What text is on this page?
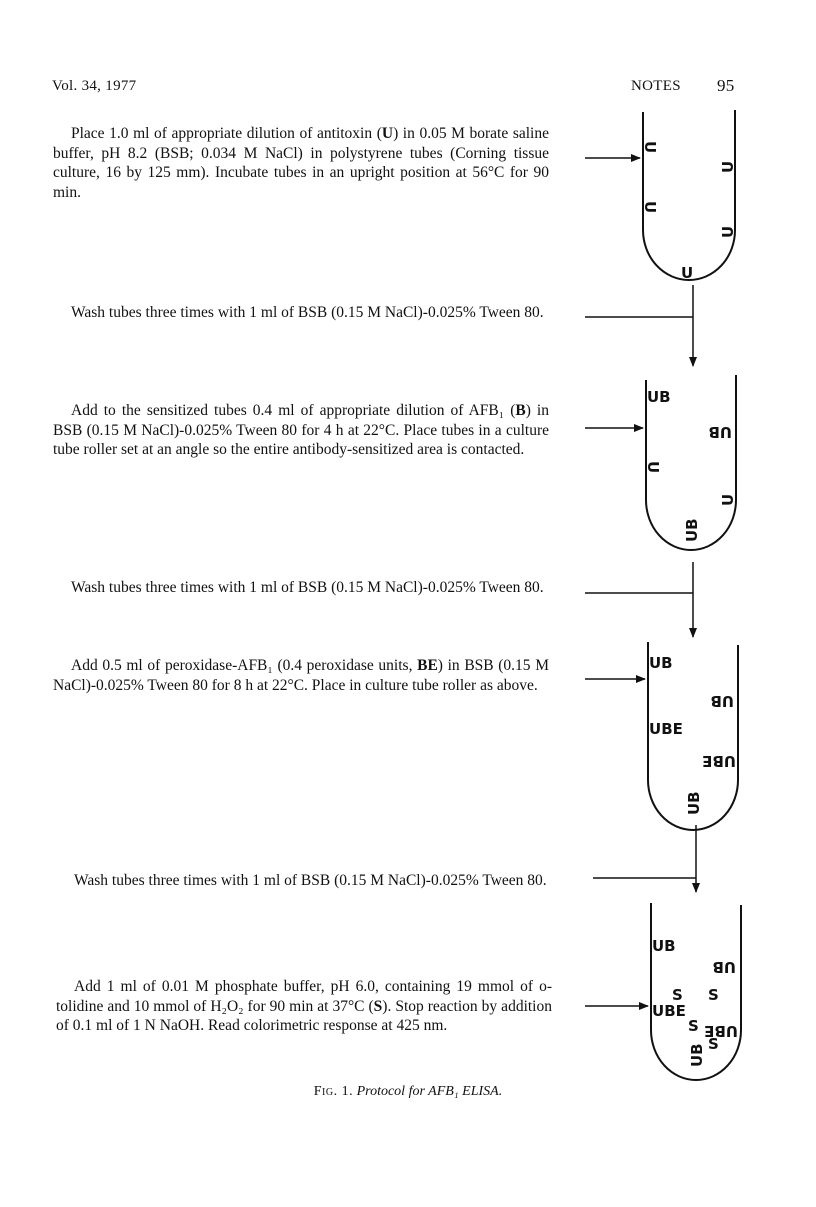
Vol. 34, 1977	NOTES 95

Place 1.0 ml of appropriate dilution of antitoxin (U) in 0.05 M borate saline buffer, pH 8.2 (BSB; 0.034 M NaCl) in polystyrene tubes (Corning tissue culture, 16 by 125 mm). Incubate tubes in an upright position at 56°C for 90 min.

Wash tubes three times with 1 ml of BSB (0.15 M NaCl)-0.025% Tween 80.

Add to the sensitized tubes 0.4 ml of appropriate dilution of AFB₁ (B) in BSB (0.15 M NaCl)-0.025% Tween 80 for 4 h at 22°C. Place tubes in a culture tube roller set at an angle so the entire antibody-sensitized area is contacted.

Wash tubes three times with 1 ml of BSB (0.15 M NaCl)-0.025% Tween 80.

Add 0.5 ml of peroxidase-AFB₁ (0.4 peroxidase units, BE) in BSB (0.15 M NaCl)-0.025% Tween 80 for 8 h at 22°C. Place in culture tube roller as above.

Wash tubes three times with 1 ml of BSB (0.15 M NaCl)-0.025% Tween 80.

Add 1 ml of 0.01 M phosphate buffer, pH 6.0, containing 19 mmol of o-tolidine and 10 mmol of H₂O₂ for 90 min at 37°C (S). Stop reaction by addition of 0.1 ml of 1 N NaOH. Read colorimetric response at 425 nm.

U
U
U
U
U
UB
UB
U
U
UB
UB
UB
UBE
UBE
UB
UB
UB
S
S
UBE
S	UBE
S
UB
Fig. 1. Protocol for AFB₁ ELISA.
